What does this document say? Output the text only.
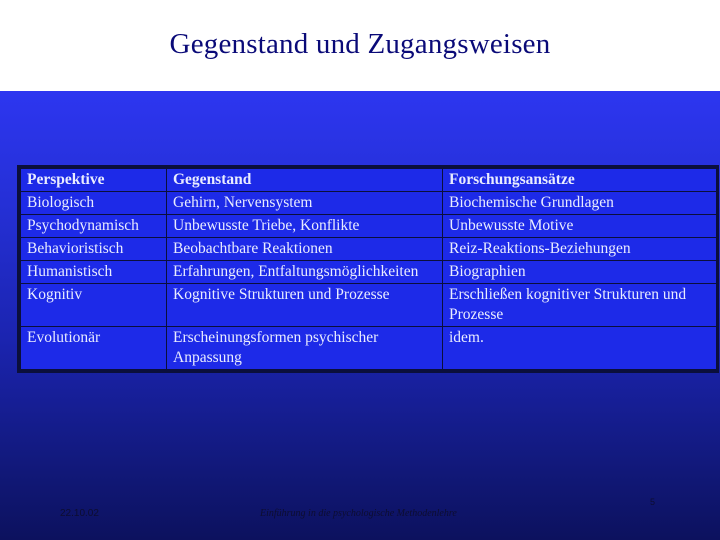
Gegenstand und Zugangsweisen
Perspektive	Gegenstand	Forschungsansätze
Biologisch	Gehirn, Nervensystem	Biochemische Grundlagen
Psychodynamisch	Unbewusste Triebe, Konflikte	Unbewusste Motive
Behavioristisch	Beobachtbare Reaktionen	Reiz-Reaktions-Beziehungen
Humanistisch	Erfahrungen, Entfaltungsmöglichkeiten	Biographien
Kognitiv	Kognitive Strukturen und Prozesse	Erschließen kognitiver Strukturen und Prozesse
Evolutionär	Erscheinungsformen psychischer Anpassung	idem.
22.10.02	Einführung in die psychologische Methodenlehre
5
